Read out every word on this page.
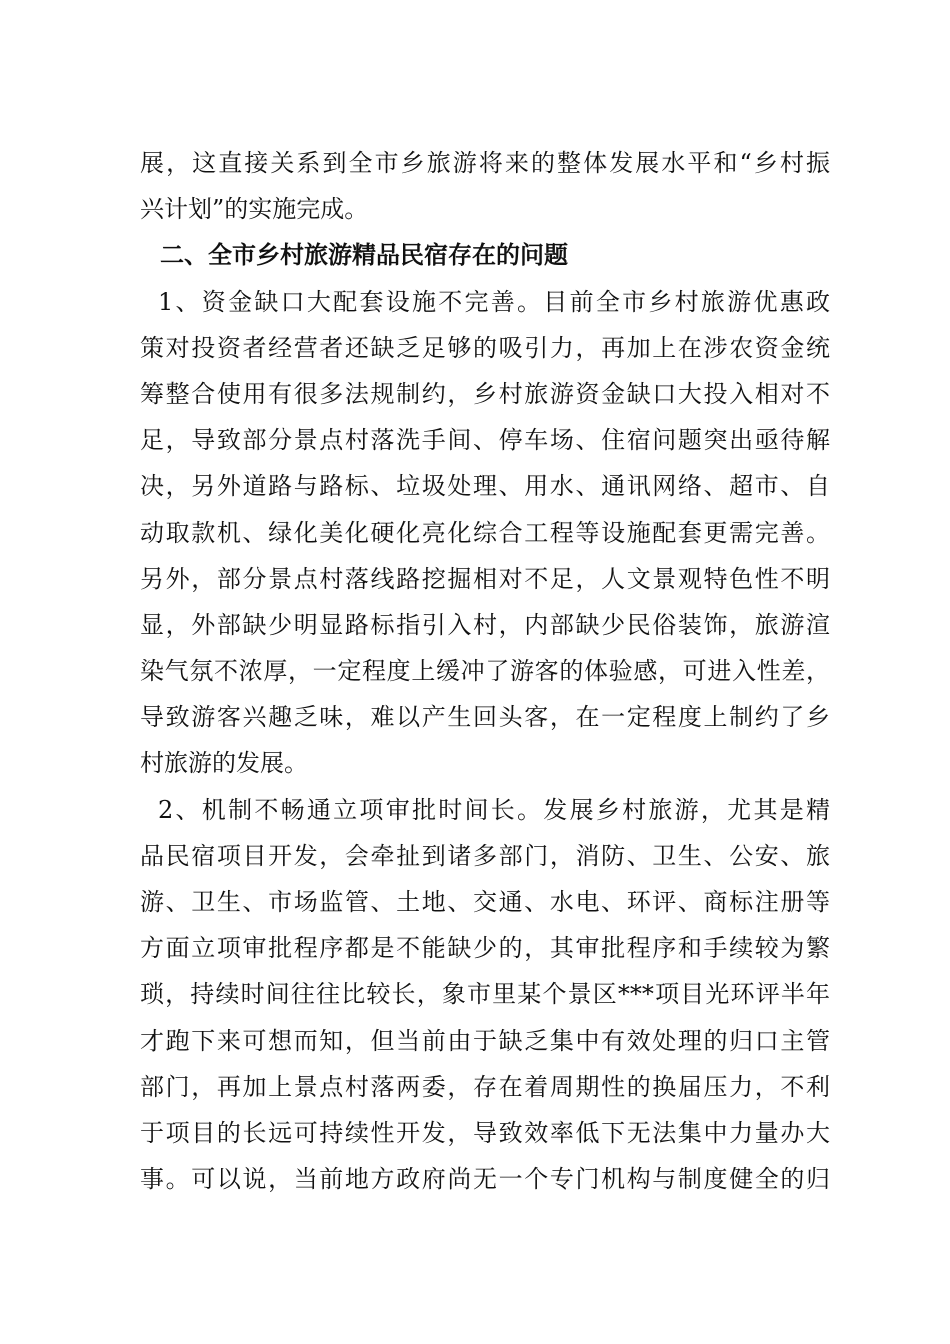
展，这直接关系到全市乡旅游将来的整体发展水平和“乡村振
兴计划”的实施完成。
二、全市乡村旅游精品民宿存在的问题
1、资金缺口大配套设施不完善。目前全市乡村旅游优惠政
策对投资者经营者还缺乏足够的吸引力，再加上在涉农资金统
筹整合使用有很多法规制约，乡村旅游资金缺口大投入相对不
足，导致部分景点村落洗手间、停车场、住宿问题突出亟待解
决，另外道路与路标、垃圾处理、用水、通讯网络、超市、自
动取款机、绿化美化硬化亮化综合工程等设施配套更需完善。
另外，部分景点村落线路挖掘相对不足，人文景观特色性不明
显，外部缺少明显路标指引入村，内部缺少民俗装饰，旅游渲
染气氛不浓厚，一定程度上缓冲了游客的体验感，可进入性差，
导致游客兴趣乏味，难以产生回头客，在一定程度上制约了乡
村旅游的发展。
2、机制不畅通立项审批时间长。发展乡村旅游，尤其是精
品民宿项目开发，会牵扯到诸多部门，消防、卫生、公安、旅
游、卫生、市场监管、土地、交通、水电、环评、商标注册等
方面立项审批程序都是不能缺少的，其审批程序和手续较为繁
琐，持续时间往往比较长，象市里某个景区***项目光环评半年
才跑下来可想而知，但当前由于缺乏集中有效处理的归口主管
部门，再加上景点村落两委，存在着周期性的换届压力，不利
于项目的长远可持续性开发，导致效率低下无法集中力量办大
事。可以说，当前地方政府尚无一个专门机构与制度健全的归
